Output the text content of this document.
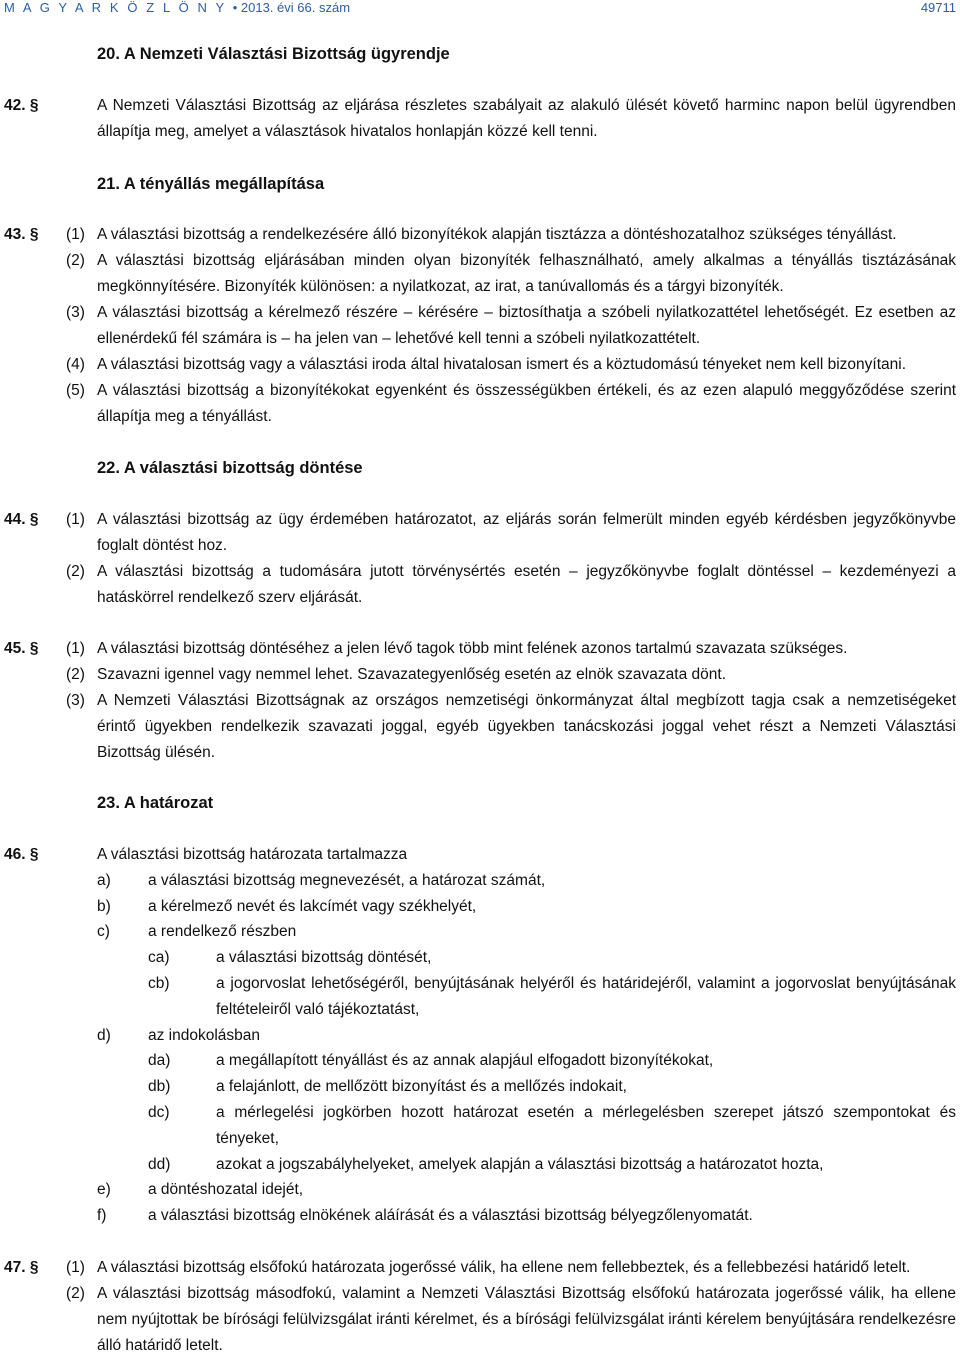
M A G Y A R K Ö Z L Ö N Y • 2013. évi 66. szám	49711
20. A Nemzeti Választási Bizottság ügyrendje
42. §	A Nemzeti Választási Bizottság az eljárása részletes szabályait az alakuló ülését követő harminc napon belül ügyrendben állapítja meg, amelyet a választások hivatalos honlapján közzé kell tenni.
21. A tényállás megállapítása
43. § (1) A választási bizottság a rendelkezésére álló bizonyítékok alapján tisztázza a döntéshozatalhoz szükséges tényállást.
(2) A választási bizottság eljárásában minden olyan bizonyíték felhasználható, amely alkalmas a tényállás tisztázásának megkönnyítésére. Bizonyíték különösen: a nyilatkozat, az irat, a tanúvallomás és a tárgyi bizonyíték.
(3) A választási bizottság a kérelmező részére – kérésére – biztosíthatja a szóbeli nyilatkozattétel lehetőségét. Ez esetben az ellenérdekű fél számára is – ha jelen van – lehetővé kell tenni a szóbeli nyilatkozattételt.
(4) A választási bizottság vagy a választási iroda által hivatalosan ismert és a köztudomású tényeket nem kell bizonyítani.
(5) A választási bizottság a bizonyítékokat egyenként és összességükben értékeli, és az ezen alapuló meggyőződése szerint állapítja meg a tényállást.
22. A választási bizottság döntése
44. § (1) A választási bizottság az ügy érdemében határozatot, az eljárás során felmerült minden egyéb kérdésben jegyzőkönyvbe foglalt döntést hoz.
(2) A választási bizottság a tudomására jutott törvénysértés esetén – jegyzőkönyvbe foglalt döntéssel – kezdeményezi a hatáskörrel rendelkező szerv eljárását.
45. § (1) A választási bizottság döntéséhez a jelen lévő tagok több mint felének azonos tartalmú szavazata szükséges.
(2) Szavazni igennel vagy nemmel lehet. Szavazategyenlőség esetén az elnök szavazata dönt.
(3) A Nemzeti Választási Bizottságnak az országos nemzetiségi önkormányzat által megbízott tagja csak a nemzetiségeket érintő ügyekben rendelkezik szavazati joggal, egyéb ügyekben tanácskozási joggal vehet részt a Nemzeti Választási Bizottság ülésén.
23. A határozat
46. §	A választási bizottság határozata tartalmazza
a) a választási bizottság megnevezését, a határozat számát,
b) a kérelmező nevét és lakcímét vagy székhelyét,
c) a rendelkező részben
ca)	a választási bizottság döntését,
cb)	a jogorvoslat lehetőségéről, benyújtásának helyéről és határidejéről, valamint a jogorvoslat benyújtásának feltételeiről való tájékoztatást,
d) az indokolásban
da)	a megállapított tényállást és az annak alapjául elfogadott bizonyítékokat,
db)	a felajánlott, de mellőzött bizonyítást és a mellőzés indokait,
dc)	a mérlegelési jogkörben hozott határozat esetén a mérlegelésben szerepet játszó szempontokat és tényeket,
dd)	azokat a jogszabályhelyeket, amelyek alapján a választási bizottság a határozatot hozta,
e) a döntéshozatal idejét,
f)	a választási bizottság elnökének aláírását és a választási bizottság bélyegzőlenyomatát.
47. § (1) A választási bizottság elsőfokú határozata jogerőssé válik, ha ellene nem fellebbeztek, és a fellebbezési határidő letelt.
(2) A választási bizottság másodfokú, valamint a Nemzeti Választási Bizottság elsőfokú határozata jogerőssé válik, ha ellene nem nyújtottak be bírósági felülvizsgálat iránti kérelmet, és a bírósági felülvizsgálat iránti kérelem benyújtására rendelkezésre álló határidő letelt.
